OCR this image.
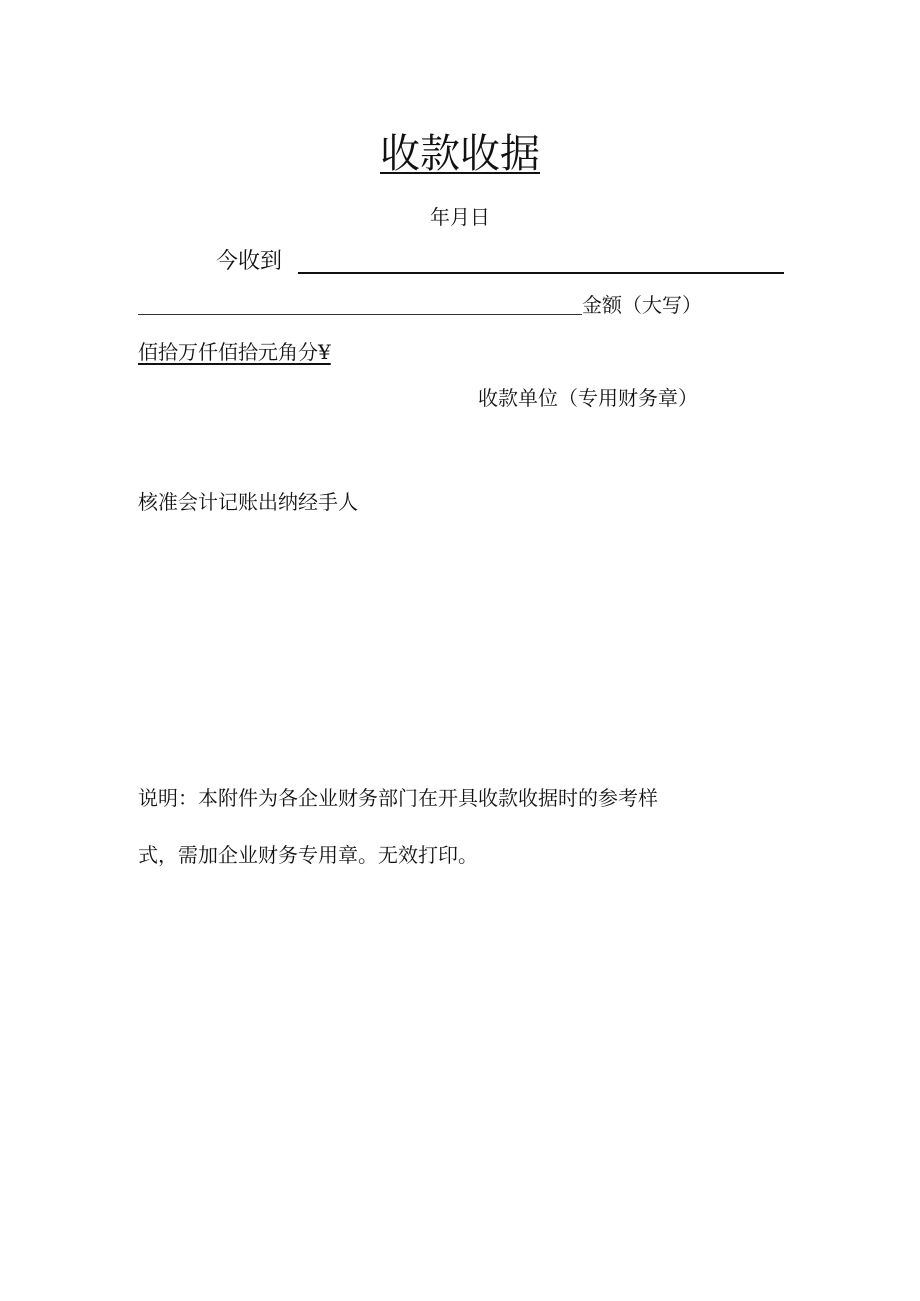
收款收据
年月日
今收到
金额（大写）
佰拾万仟佰拾元角分¥
收款单位（专用财务章）
核准会计记账出纳经手人
说明：本附件为各企业财务部门在开具收款收据时的参考样
式，需加企业财务专用章。无效打印。
